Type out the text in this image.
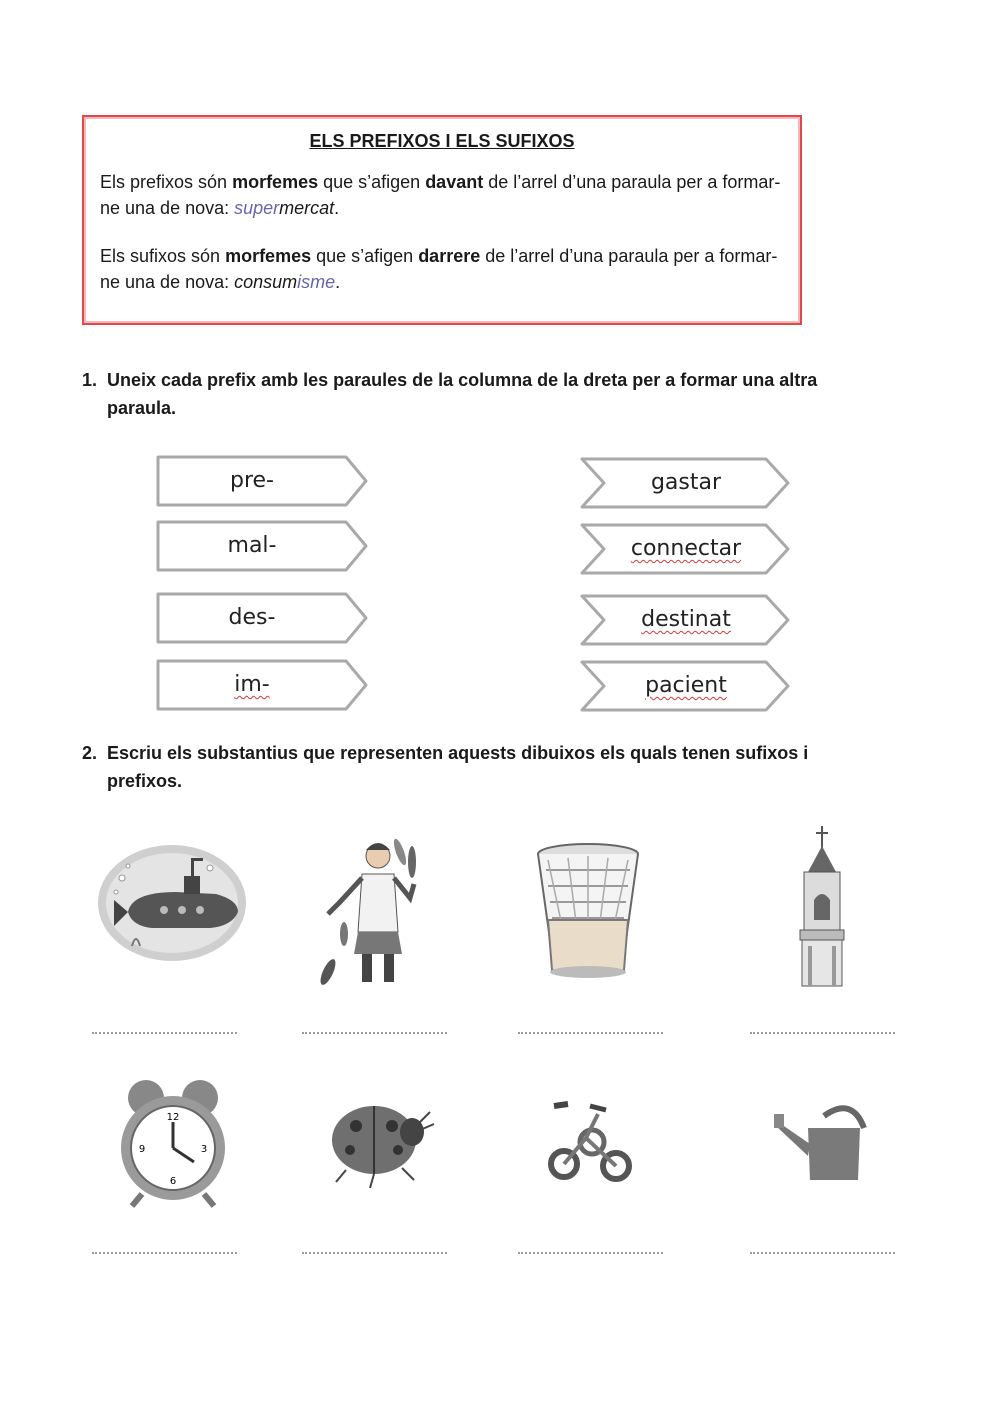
ELS PREFIXOS I ELS SUFIXOS

Els prefixos són morfemes que s’afigen davant de l’arrel d’una paraula per a formar-ne una de nova: supermercat.

Els sufixos són morfemes que s’afigen darrere de l’arrel d’una paraula per a formar-ne una de nova: consumisme.

1. Uneix cada prefix amb les paraules de la columna de la dreta per a formar una altra paraula.
pre-
mal-
des-
im-
gastar
connectar
destinat
pacient
2. Escriu els substantius que representen aquests dibuixos els quals tenen sufixos i prefixos.
12
3
6
9
